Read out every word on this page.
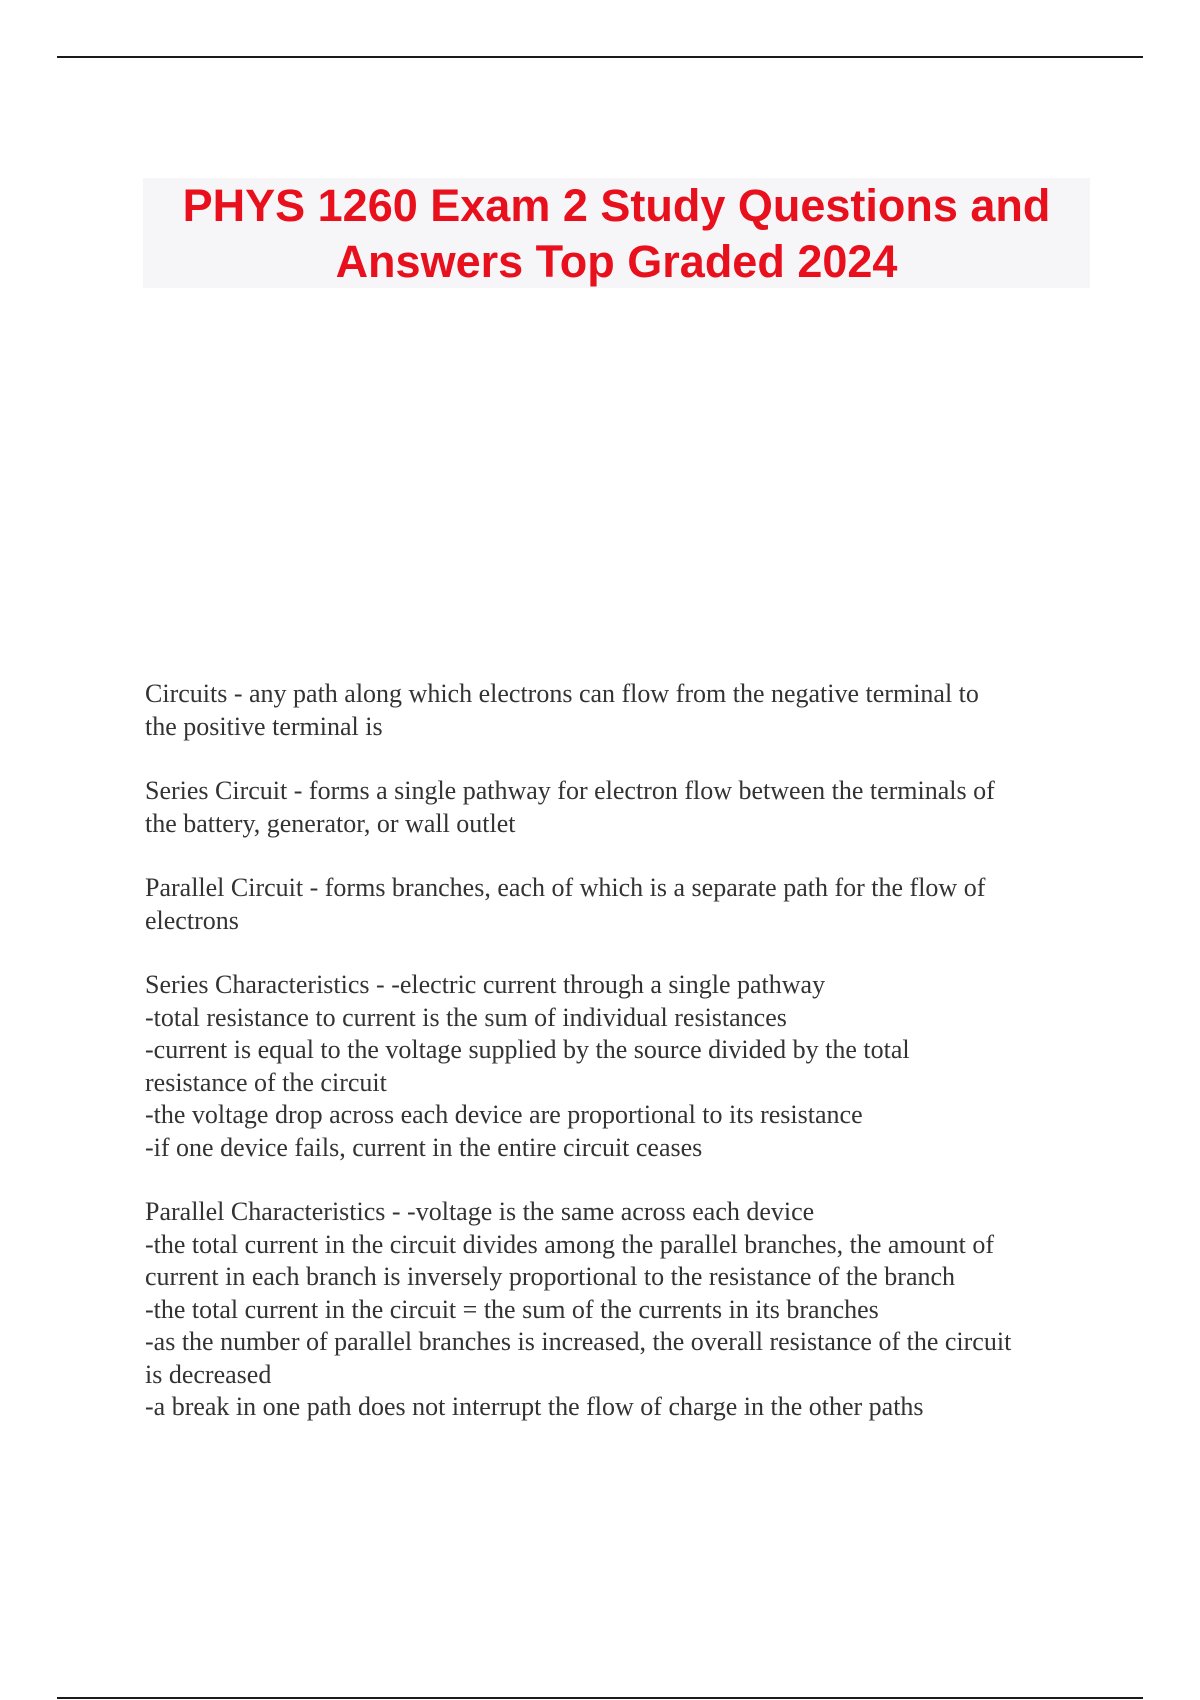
PHYS 1260 Exam 2 Study Questions and
Answers Top Graded 2024

Circuits - any path along which electrons can flow from the negative terminal to
the positive terminal is

Series Circuit - forms a single pathway for electron flow between the terminals of
the battery, generator, or wall outlet

Parallel Circuit - forms branches, each of which is a separate path for the flow of
electrons

Series Characteristics - -electric current through a single pathway
-total resistance to current is the sum of individual resistances
-current is equal to the voltage supplied by the source divided by the total
resistance of the circuit
-the voltage drop across each device are proportional to its resistance
-if one device fails, current in the entire circuit ceases

Parallel Characteristics - -voltage is the same across each device
-the total current in the circuit divides among the parallel branches, the amount of
current in each branch is inversely proportional to the resistance of the branch
-the total current in the circuit = the sum of the currents in its branches
-as the number of parallel branches is increased, the overall resistance of the circuit
is decreased
-a break in one path does not interrupt the flow of charge in the other paths
